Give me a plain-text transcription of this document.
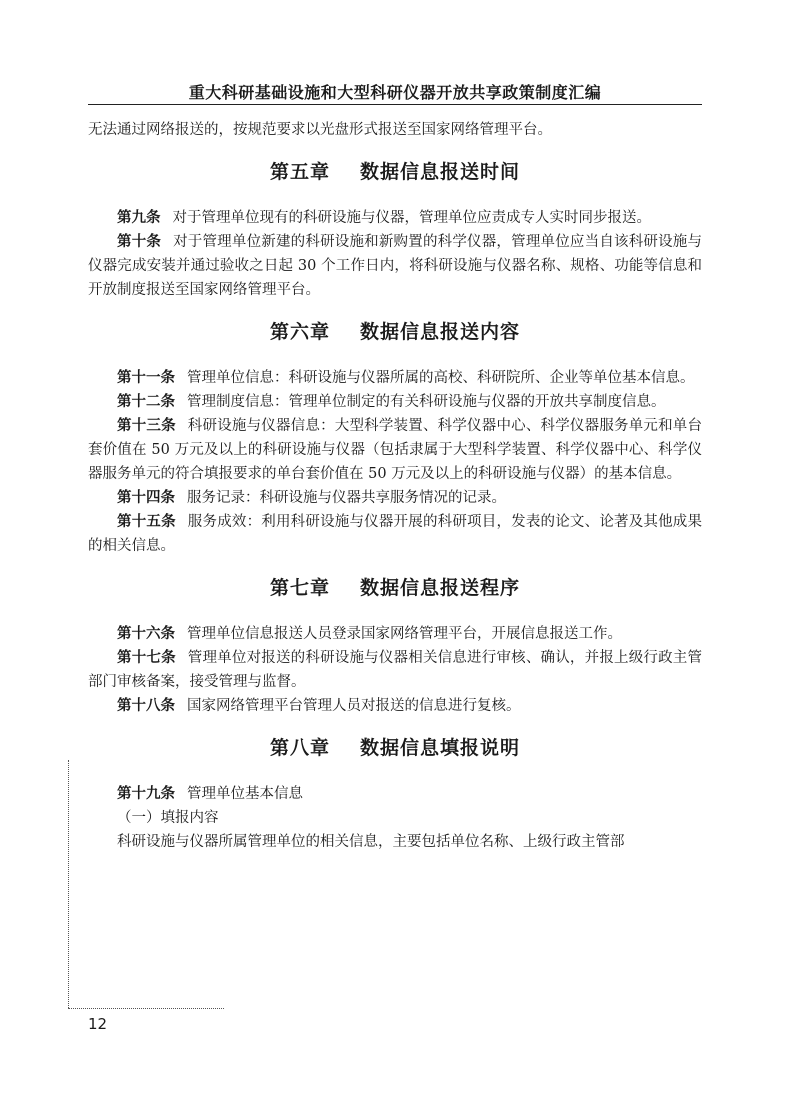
重大科研基础设施和大型科研仪器开放共享政策制度汇编

无法通过网络报送的，按规范要求以光盘形式报送至国家网络管理平台。

第五章 数据信息报送时间

第九条 对于管理单位现有的科研设施与仪器，管理单位应责成专人实时同步报送。

第十条 对于管理单位新建的科研设施和新购置的科学仪器，管理单位应当自该科研设施与仪器完成安装并通过验收之日起 30 个工作日内，将科研设施与仪器名称、规格、功能等信息和开放制度报送至国家网络管理平台。

第六章 数据信息报送内容

第十一条 管理单位信息：科研设施与仪器所属的高校、科研院所、企业等单位基本信息。

第十二条 管理制度信息：管理单位制定的有关科研设施与仪器的开放共享制度信息。

第十三条 科研设施与仪器信息：大型科学装置、科学仪器中心、科学仪器服务单元和单台套价值在 50 万元及以上的科研设施与仪器（包括隶属于大型科学装置、科学仪器中心、科学仪器服务单元的符合填报要求的单台套价值在 50 万元及以上的科研设施与仪器）的基本信息。

第十四条 服务记录：科研设施与仪器共享服务情况的记录。

第十五条 服务成效：利用科研设施与仪器开展的科研项目，发表的论文、论著及其他成果的相关信息。

第七章 数据信息报送程序

第十六条 管理单位信息报送人员登录国家网络管理平台，开展信息报送工作。

第十七条 管理单位对报送的科研设施与仪器相关信息进行审核、确认，并报上级行政主管部门审核备案，接受管理与监督。

第十八条 国家网络管理平台管理人员对报送的信息进行复核。

第八章 数据信息填报说明

第十九条 管理单位基本信息

（一）填报内容

科研设施与仪器所属管理单位的相关信息，主要包括单位名称、上级行政主管部

12
